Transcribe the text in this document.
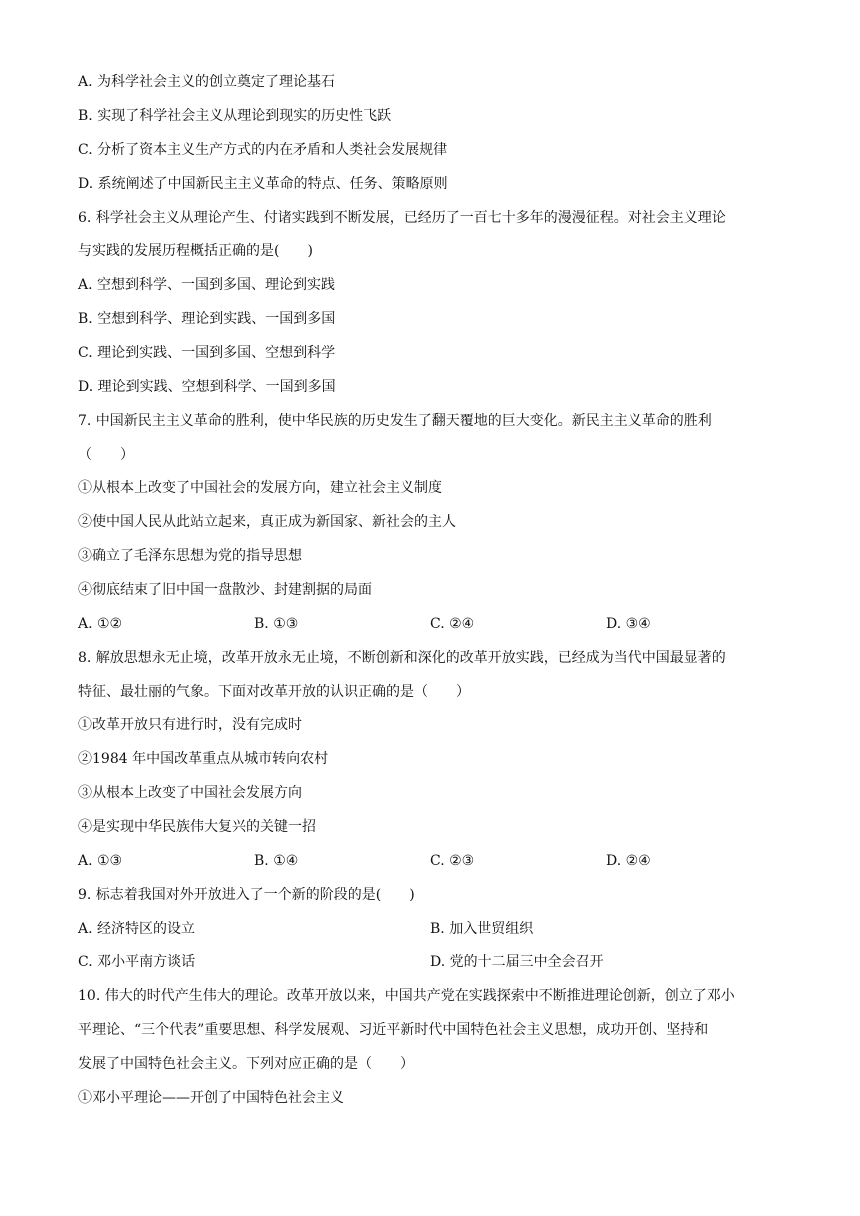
A. 为科学社会主义的创立奠定了理论基石
B. 实现了科学社会主义从理论到现实的历史性飞跃
C. 分析了资本主义生产方式的内在矛盾和人类社会发展规律
D. 系统阐述了中国新民主主义革命的特点、任务、策略原则
6. 科学社会主义从理论产生、付诸实践到不断发展，已经历了一百七十多年的漫漫征程。对社会主义理论
与实践的发展历程概括正确的是(　　)
A. 空想到科学、一国到多国、理论到实践
B. 空想到科学、理论到实践、一国到多国
C. 理论到实践、一国到多国、空想到科学
D. 理论到实践、空想到科学、一国到多国
7. 中国新民主主义革命的胜利，使中华民族的历史发生了翻天覆地的巨大变化。新民主主义革命的胜利
（　　）
①从根本上改变了中国社会的发展方向，建立社会主义制度
②使中国人民从此站立起来，真正成为新国家、新社会的主人
③确立了毛泽东思想为党的指导思想
④彻底结束了旧中国一盘散沙、封建割据的局面
A. ①②	B. ①③	C. ②④	D. ③④
8. 解放思想永无止境，改革开放永无止境，不断创新和深化的改革开放实践，已经成为当代中国最显著的
特征、最壮丽的气象。下面对改革开放的认识正确的是（　　）
①改革开放只有进行时，没有完成时
②1984 年中国改革重点从城市转向农村
③从根本上改变了中国社会发展方向
④是实现中华民族伟大复兴的关键一招
A. ①③	B. ①④	C. ②③	D. ②④
9. 标志着我国对外开放进入了一个新的阶段的是(　　)
A. 经济特区的设立	B. 加入世贸组织
C. 邓小平南方谈话	D. 党的十二届三中全会召开
10. 伟大的时代产生伟大的理论。改革开放以来，中国共产党在实践探索中不断推进理论创新，创立了邓小
平理论、“三个代表”重要思想、科学发展观、习近平新时代中国特色社会主义思想，成功开创、坚持和
发展了中国特色社会主义。下列对应正确的是（　　）
①邓小平理论——开创了中国特色社会主义
